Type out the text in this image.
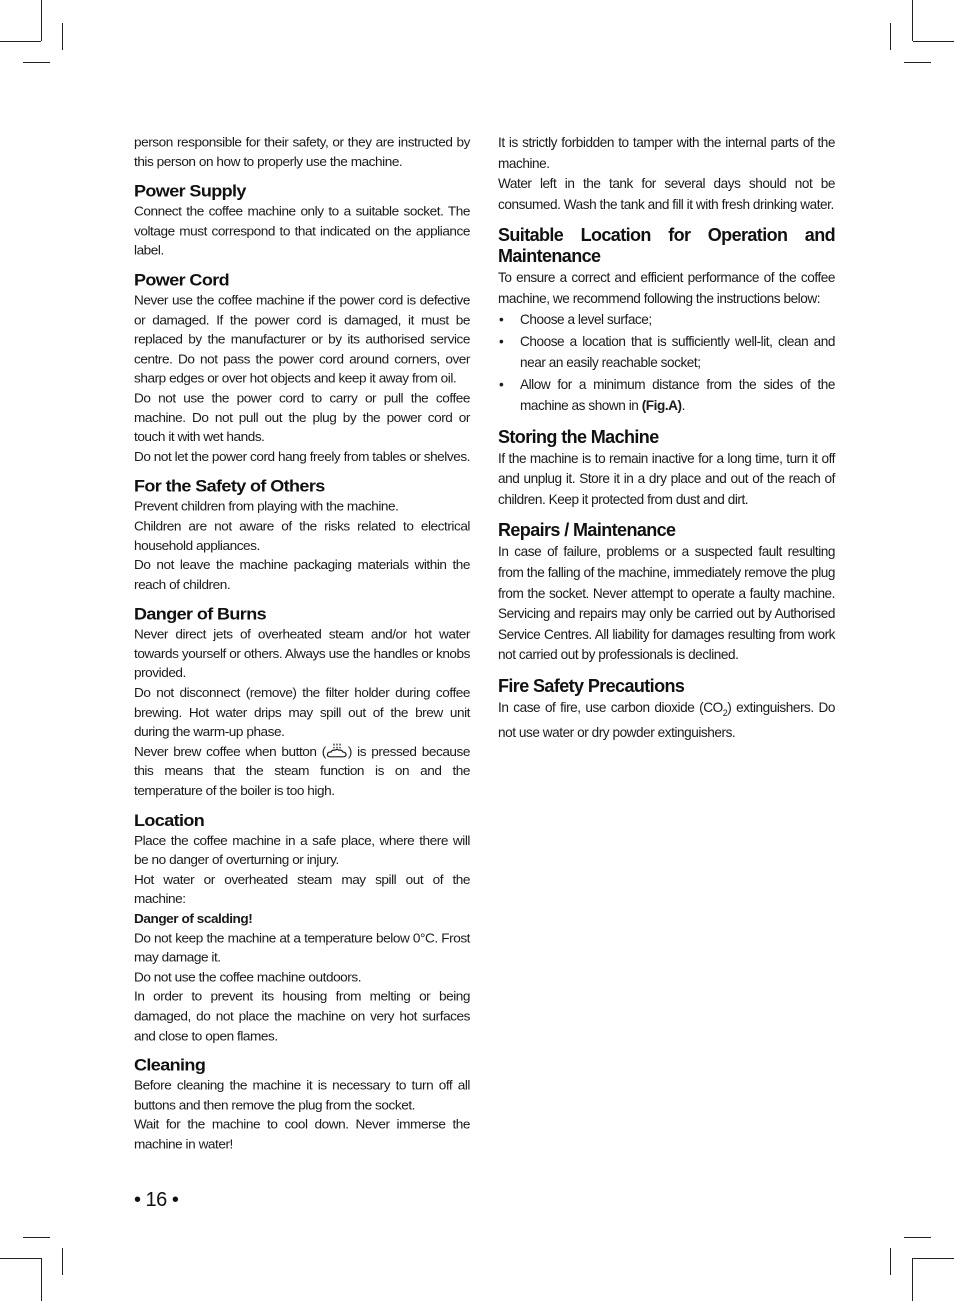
person responsible for their safety, or they are instructed by this person on how to properly use the machine.

Power Supply

Connect the coffee machine only to a suitable socket. The voltage must correspond to that indicated on the appliance label.

Power Cord

Never use the coffee machine if the power cord is defective or damaged. If the power cord is damaged, it must be replaced by the manufacturer or by its authorised service centre. Do not pass the power cord around corners, over sharp edges or over hot objects and keep it away from oil.

Do not use the power cord to carry or pull the coffee machine. Do not pull out the plug by the power cord or touch it with wet hands.

Do not let the power cord hang freely from tables or shelves.

For the Safety of Others

Prevent children from playing with the machine.

Children are not aware of the risks related to electrical household appliances.

Do not leave the machine packaging materials within the reach of children.

Danger of Burns

Never direct jets of overheated steam and/or hot water towards yourself or others. Always use the handles or knobs provided.

Do not disconnect (remove) the filter holder during coffee brewing. Hot water drips may spill out of the brew unit during the warm-up phase.

Never brew coffee when button ( ) is pressed because this means that the steam function is on and the temperature of the boiler is too high.

Location

Place the coffee machine in a safe place, where there will be no danger of overturning or injury.

Hot water or overheated steam may spill out of the machine:

Danger of scalding!

Do not keep the machine at a temperature below 0°C. Frost may damage it.

Do not use the coffee machine outdoors.

In order to prevent its housing from melting or being damaged, do not place the machine on very hot surfaces and close to open flames.

Cleaning

Before cleaning the machine it is necessary to turn off all buttons and then remove the plug from the socket.

Wait for the machine to cool down. Never immerse the machine in water!

It is strictly forbidden to tamper with the internal parts of the machine.

Water left in the tank for several days should not be consumed. Wash the tank and fill it with fresh drinking water.

Suitable Location for Operation and Maintenance

To ensure a correct and efficient performance of the coffee machine, we recommend following the instructions below:

• Choose a level surface;
• Choose a location that is sufficiently well-lit, clean and near an easily reachable socket;
• Allow for a minimum distance from the sides of the machine as shown in (Fig.A).
Storing the Machine

If the machine is to remain inactive for a long time, turn it off and unplug it. Store it in a dry place and out of the reach of children. Keep it protected from dust and dirt.

Repairs / Maintenance

In case of failure, problems or a suspected fault resulting from the falling of the machine, immediately remove the plug from the socket. Never attempt to operate a faulty machine. Servicing and repairs may only be carried out by Authorised Service Centres. All liability for damages resulting from work not carried out by professionals is declined.

Fire Safety Precautions

In case of fire, use carbon dioxide $(CO_2)$ extinguishers. Do not use water or dry powder extinguishers.

• 16 •
